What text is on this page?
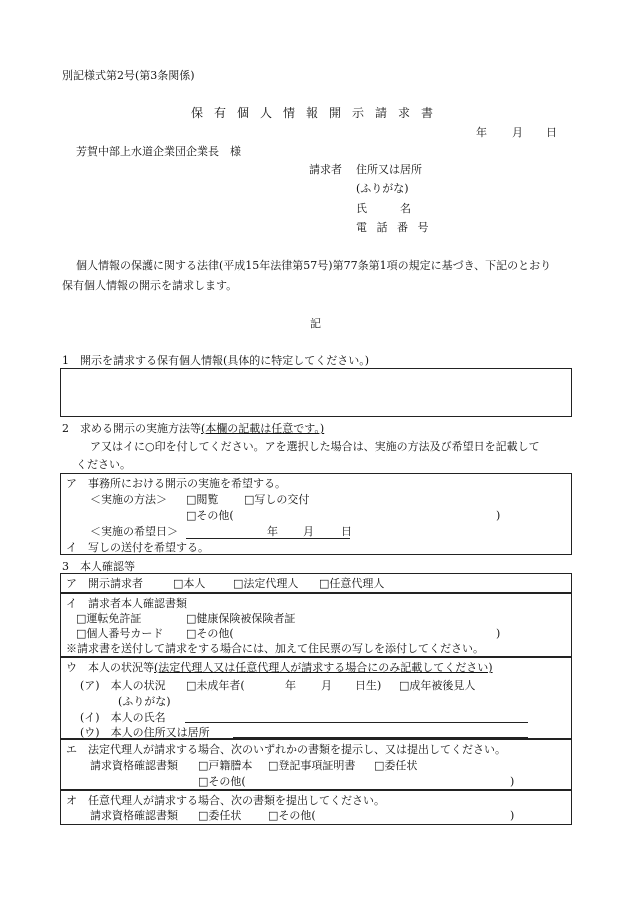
別記様式第2号(第3条関係)
保有個人情報開示請求書
年 月 日
芳賀中部上水道企業団企業長　様
請求者 住所又は居所
(ふりがな)
氏　　　名
電 話 番 号
個人情報の保護に関する法律(平成15年法律第57号)第77条第1項の規定に基づき、下記のとおり
保有個人情報の開示を請求します。
記
1　開示を請求する保有個人情報(具体的に特定してください。)
2　求める開示の実施方法等(本欄の記載は任意です。)
ア又はイに○印を付してください。アを選択した場合は、実施の方法及び希望日を記載して
ください。
ア　事務所における開示の実施を希望する。
＜実施の方法＞ □閲覧 □写しの交付
□その他(	)
＜実施の希望日＞	年 月 日
イ　写しの送付を希望する。
3　本人確認等
ア　開示請求者	□本人	□法定代理人 □任意代理人
イ　請求者本人確認書類
□運転免許証	□健康保険被保険者証
□個人番号カード □その他(	)
※請求書を送付して請求をする場合には、加えて住民票の写しを添付してください。
ウ　本人の状況等(法定代理人又は任意代理人が請求する場合にのみ記載してください)
(ア)　本人の状況 □未成年者(	年 月 日生) □成年被後見人
(ふりがな)
(イ)　本人の氏名
(ウ)　本人の住所又は居所
エ　法定代理人が請求する場合、次のいずれかの書類を提示し、又は提出してください。
請求資格確認書類 □戸籍謄本 □登記事項証明書 □委任状
□その他(	)
オ　任意代理人が請求する場合、次の書類を提出してください。
請求資格確認書類 □委任状 □その他(	)
